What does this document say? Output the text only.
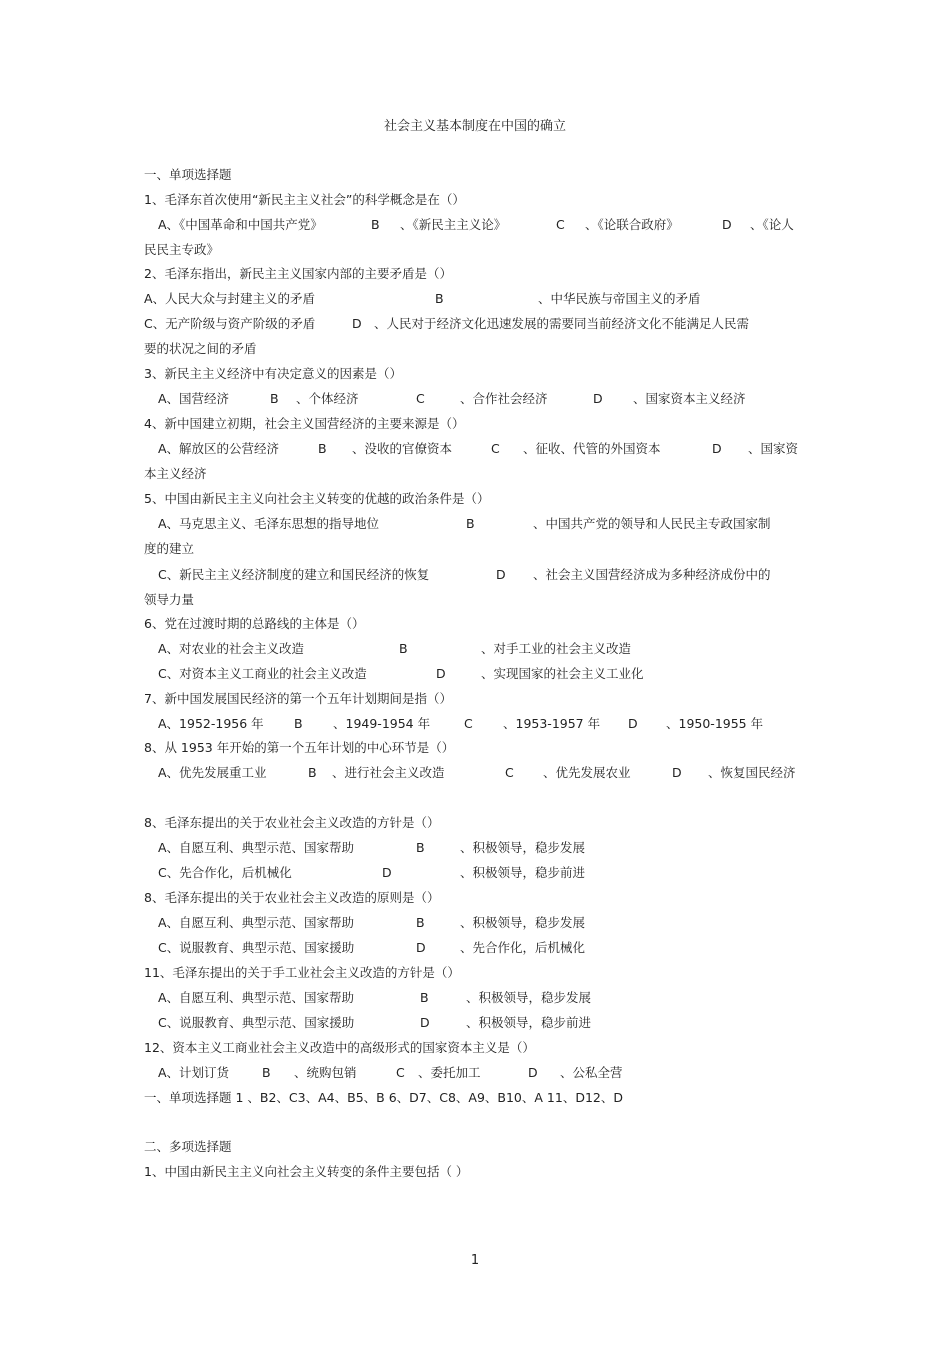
社会主义基本制度在中国的确立
一、单项选择题
1、毛泽东首次使用“新民主主义社会”的科学概念是在（）
A、《中国革命和中国共产党》	B 、《新民主主义论》	C 、《论联合政府》	D 、《论人
民民主专政》
2、毛泽东指出，新民主主义国家内部的主要矛盾是（）
A、人民大众与封建主义的矛盾	B	、中华民族与帝国主义的矛盾
C、无产阶级与资产阶级的矛盾	D 、人民对于经济文化迅速发展的需要同当前经济文化不能满足人民需
要的状况之间的矛盾
3、新民主主义经济中有决定意义的因素是（）
A、国营经济	B 、个体经济	C	、合作社会经济	D 、国家资本主义经济
4、新中国建立初期，社会主义国营经济的主要来源是（）
A、解放区的公营经济	B 、没收的官僚资本	C 、征收、代管的外国资本	D 、国家资
本主义经济
5、中国由新民主主义向社会主义转变的优越的政治条件是（）
A、马克思主义、毛泽东思想的指导地位	B	、中国共产党的领导和人民民主专政国家制
度的建立
C、新民主主义经济制度的建立和国民经济的恢复	D 、社会主义国营经济成为多种经济成份中的
领导力量
6、党在过渡时期的总路线的主体是（）
A、对农业的社会主义改造	B	、对手工业的社会主义改造
C、对资本主义工商业的社会主义改造	D	、实现国家的社会主义工业化
7、新中国发展国民经济的第一个五年计划期间是指（）
A、1952-1956 年 B 、1949-1954 年	C 、1953-1957 年 D 、1950-1955 年
8、从 1953 年开始的第一个五年计划的中心环节是（）
A、优先发展重工业	B 、进行社会主义改造	C 、优先发展农业	D 、恢复国民经济
8、毛泽东提出的关于农业社会主义改造的方针是（）
A、自愿互利、典型示范、国家帮助	B	、积极领导，稳步发展
C、先合作化，后机械化	D	、积极领导，稳步前进
8、毛泽东提出的关于农业社会主义改造的原则是（）
A、自愿互利、典型示范、国家帮助	B	、积极领导，稳步发展
C、说服教育、典型示范、国家援助	D	、先合作化，后机械化
11、毛泽东提出的关于手工业社会主义改造的方针是（）
A、自愿互利、典型示范、国家帮助	B	、积极领导，稳步发展
C、说服教育、典型示范、国家援助	D	、积极领导，稳步前进
12、资本主义工商业社会主义改造中的高级形式的国家资本主义是（）
A、计划订货	B 、统购包销	C 、委托加工	D 、公私全营
一、单项选择题 1 、B2、C3、A4、B5、B 6、D7、C8、A9、B10、A 11、D12、D
二、多项选择题
1、中国由新民主主义向社会主义转变的条件主要包括（ ）
1
